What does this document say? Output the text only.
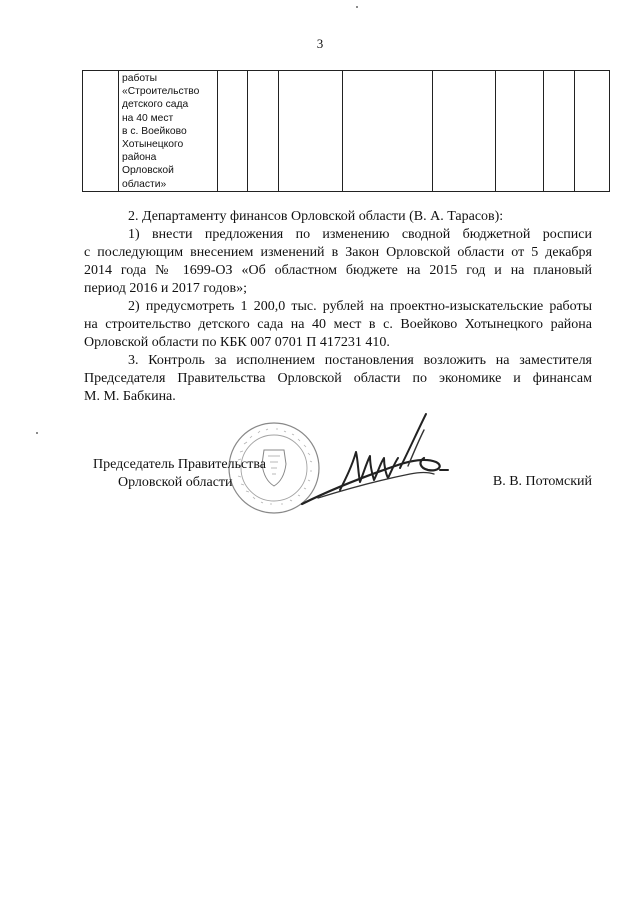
3

работы
«Строительство
детского сада
на 40 мест
в с. Воейково
Хотынецкого
района
Орловской
области»

2. Департаменту финансов Орловской области (В. А. Тарасов):
1) внести предложения по изменению сводной бюджетной росписи
с последующим внесением изменений в Закон Орловской области от 5 декабря
2014 года № 1699-ОЗ «Об областном бюджете на 2015 год и на плановый
период 2016 и 2017 годов»;
2) предусмотреть 1 200,0 тыс. рублей на проектно-изыскательские работы
на строительство детского сада на 40 мест в с. Воейково Хотынецкого района
Орловской области по КБК 007 0701 П 417231 410.
3. Контроль за исполнением постановления возложить на заместителя
Председателя Правительства Орловской области по экономике и финансам
М. М. Бабкина.
Председатель Правительства
Орловской области	В. В. Потомский
